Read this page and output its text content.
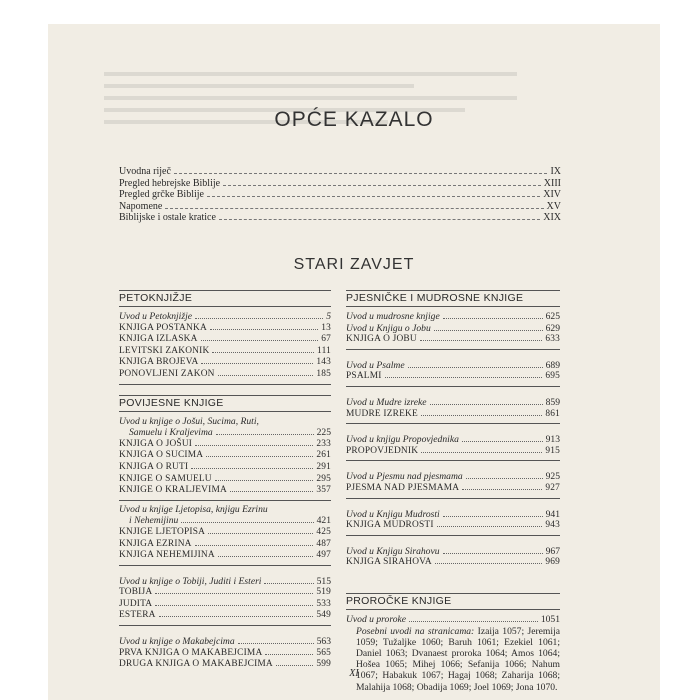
OPĆE KAZALO
Uvodna riječ	IX
Pregled hebrejske Biblije	XIII
Pregled grčke Biblije	XIV
Napomene	XV
Biblijske i ostale kratice	XIX
STARI ZAVJET
PETOKNJIŽJE
Uvod u Petoknjižje	5
KNJIGA POSTANKA	13
KNJIGA IZLASKA	67
LEVITSKI ZAKONIK	111
KNJIGA BROJEVA	143
PONOVLJENI ZAKON	185
POVIJESNE KNJIGE
Uvod u knjige o Jošui, Sucima, Ruti,
Samuelu i Kraljevima	225
KNJIGA O JOŠUI	233
KNJIGA O SUCIMA	261
KNJIGA O RUTI	291
KNJIGE O SAMUELU	295
KNJIGE O KRALJEVIMA	357
Uvod u knjige Ljetopisa, knjigu Ezrinu
i Nehemijinu	421
KNJIGE LJETOPISA	425
KNJIGA EZRINA	487
KNJIGA NEHEMIJINA	497
Uvod u knjige o Tobiji, Juditi i Esteri	515
TOBIJA	519
JUDITA	533
ESTERA	549
Uvod u knjige o Makabejcima	563
PRVA KNJIGA O MAKABEJCIMA	565
DRUGA KNJIGA O MAKABEJCIMA	599
PJESNIČKE I MUDROSNE KNJIGE
Uvod u mudrosne knjige	625
Uvod u Knjigu o Jobu	629
KNJIGA O JOBU	633
Uvod u Psalme	689
PSALMI	695
Uvod u Mudre izreke	859
MUDRE IZREKE	861
Uvod u knjigu Propovjednika	913
PROPOVJEDNIK	915
Uvod u Pjesmu nad pjesmama	925
PJESMA NAD PJESMAMA	927
Uvod u Knjigu Mudrosti	941
KNJIGA MUDROSTI	943
Uvod u Knjigu Sirahovu	967
KNJIGA SIRAHOVA	969
PROROČKE KNJIGE
Uvod u proroke	1051
Posebni uvodi na stranicama: Izaija 1057; Jeremija 1059; Tužaljke 1060; Baruh 1061; Ezekiel 1061; Daniel 1063; Dvanaest proroka 1064; Amos 1064; Hošea 1065; Mihej 1066; Sefanija 1066; Nahum 1067; Habakuk 1067; Hagaj 1068; Zaharija 1068; Malahija 1068; Obadija 1069; Joel 1069; Jona 1070.
XI
